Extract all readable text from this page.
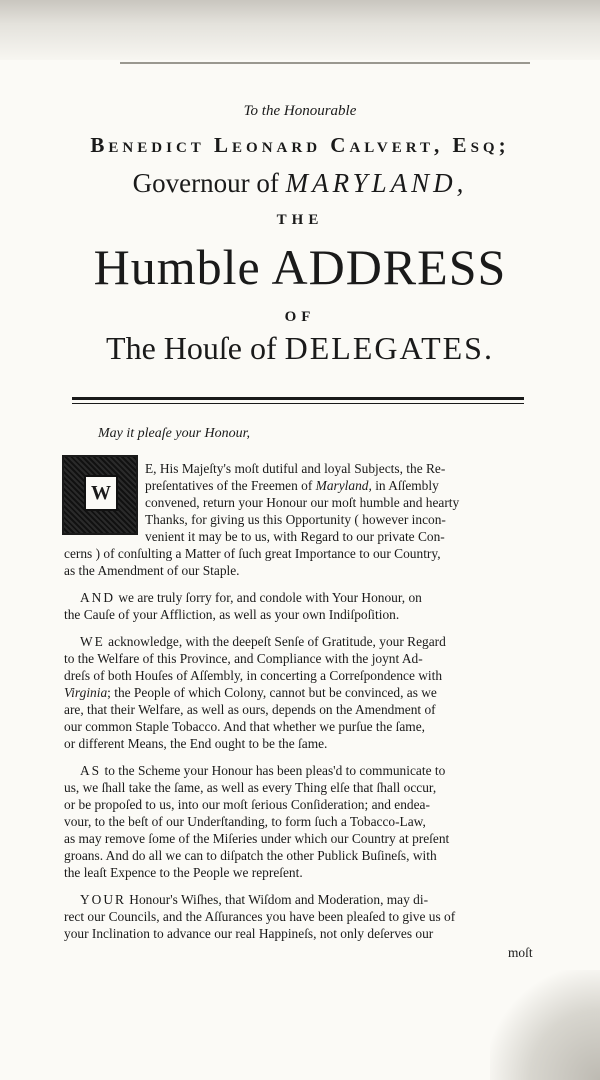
To the Honourable
Benedict Leonard Calvert, Esq;
Governour of MARYLAND,
THE
Humble ADDRESS
OF
The Houſe of DELEGATES.
May it pleaſe your Honour,
W
E, His Majeſty's moſt dutiful and loyal Subjects, the Re-
preſentatives of the Freemen of Maryland, in Aſſembly
convened, return your Honour our moſt humble and hearty
Thanks, for giving us this Opportunity ( however incon-
venient it may be to us, with Regard to our private Con-
cerns ) of conſulting a Matter of ſuch great Importance to our Country,
as the Amendment of our Staple.
AND we are truly ſorry for, and condole with Your Honour, on
the Cauſe of your Affliction, as well as your own Indiſpoſition.
WE acknowledge, with the deepeſt Senſe of Gratitude, your Regard
to the Welfare of this Province, and Compliance with the joynt Ad-
dreſs of both Houſes of Aſſembly, in concerting a Correſpondence with
Virginia; the People of which Colony, cannot but be convinced, as we
are, that their Welfare, as well as ours, depends on the Amendment of
our common Staple Tobacco. And that whether we purſue the ſame,
or different Means, the End ought to be the ſame.
AS to the Scheme your Honour has been pleas'd to communicate to
us, we ſhall take the ſame, as well as every Thing elſe that ſhall occur,
or be propoſed to us, into our moſt ſerious Conſideration; and endea-
vour, to the beſt of our Underſtanding, to form ſuch a Tobacco-Law,
as may remove ſome of the Miſeries under which our Country at preſent
groans. And do all we can to diſpatch the other Publick Buſineſs, with
the leaſt Expence to the People we repreſent.
YOUR Honour's Wiſhes, that Wiſdom and Moderation, may di-
rect our Councils, and the Aſſurances you have been pleaſed to give us of
your Inclination to advance our real Happineſs, not only deſerves our
moſt
